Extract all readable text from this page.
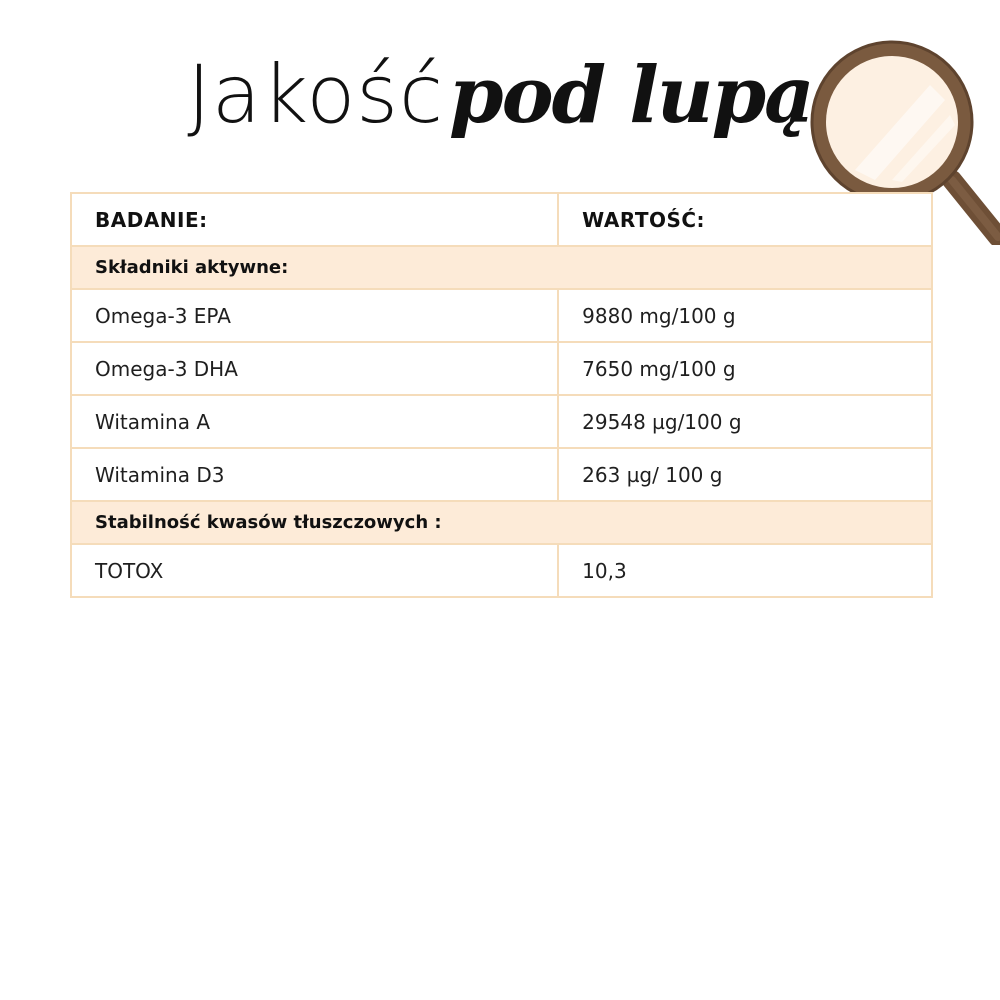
Jakość pod lupą
BADANIE:	WARTOŚĆ:
Składniki aktywne:	
Omega-3 EPA	9880 mg/100 g
Omega-3 DHA	7650 mg/100 g
Witamina A	29548 µg/100 g
Witamina D3	263 µg/ 100 g
Stabilność kwasów tłuszczowych :	
TOTOX	10,3
